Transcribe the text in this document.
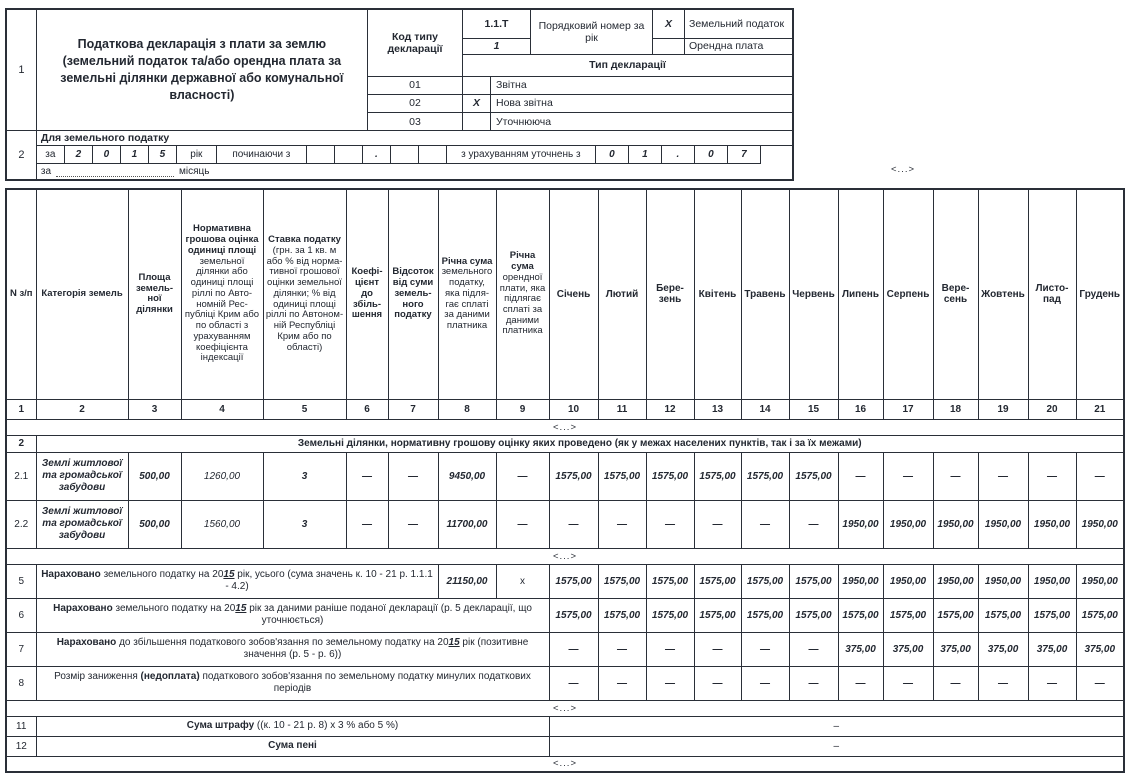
1
Податкова декларація з плати за землю (земельний податок та/або орендна плата за земельні ділянки державної або комунальної власності)
Код типу декларації
1.1.Т
1
Порядковий номер за рік
X	Земельний податок
Орендна плата
Тип декларації
01	Звітна
02	X	Нова звітна
03	Уточнююча
2
Для земельного податку
за	2	0	1	5	рік	починаючи з	.	з урахуванням уточнень з	0	1	.	0	7
за	місяць	<...>
N з/п	Категорія земель	Площа земельної ділянки	Нормативна грошова оцінка одиниці площі земельної ділянки або одиниці площі ріллі по Автономній Республіці Крим або по області з урахуванням коефіцієнта індексації	Ставка податку (грн. за 1 кв. м або % від нормативної грошової оцінки земельної ділянки; % від одиниці площі ріллі по Автономній Республіці Крим або по області)	Коефіцієнт до збільшення	Відсоток від суми земельного податку	Річна сума земельного податку, яка підлягає сплаті за даними платника	Річна сума орендної плати, яка підлягає сплаті за даними платника	Січень	Лютий	Березень	Квітень	Травень	Червень	Липень	Серпень	Вересень	Жовтень	Листопад	Грудень
1	2	3	4	5	6	7	8	9	10	11	12	13	14	15	16	17	18	19	20	21
<...>																				
2	Земельні ділянки, нормативну грошову оцінку яких проведено (як у межах населених пунктів, так і за їх межами)																			
2.1	Землі житлової та громадської забудови	500,00	1260,00	3	—	—	9450,00	—	1575,00	1575,00	1575,00	1575,00	1575,00	1575,00	—	—	—	—	—	—
2.2	Землі житлової та громадської забудови	500,00	1560,00	3	—	—	11700,00	—	—	—	—	—	—	—	1950,00	1950,00	1950,00	1950,00	1950,00	1950,00
<...>																				
5	Нараховано земельного податку на 2015 рік, усього (сума значень к. 10 - 21 р. 1.1.1 - 4.2)						21150,00	х	1575,00	1575,00	1575,00	1575,00	1575,00	1575,00	1950,00	1950,00	1950,00	1950,00	1950,00	1950,00
6	Нараховано земельного податку на 2015 рік за даними раніше поданої декларації (р. 5 декларації, що уточнюється)								1575,00	1575,00	1575,00	1575,00	1575,00	1575,00	1575,00	1575,00	1575,00	1575,00	1575,00	1575,00
7	Нараховано до збільшення податкового зобов'язання по земельному податку на 2015 рік (позитивне значення (р. 5 - р. 6))								—	—	—	—	—	—	375,00	375,00	375,00	375,00	375,00	375,00
8	Розмір заниження (недоплата) податкового зобов'язання по земельному податку минулих податкових періодів								—	—	—	—	—	—	—	—	—	—	—	—
<...>																				
11	Сума штрафу ((к. 10 - 21 р. 8) х 3 % або 5 %)								–											
12	Сума пені								–											
<...>																				
